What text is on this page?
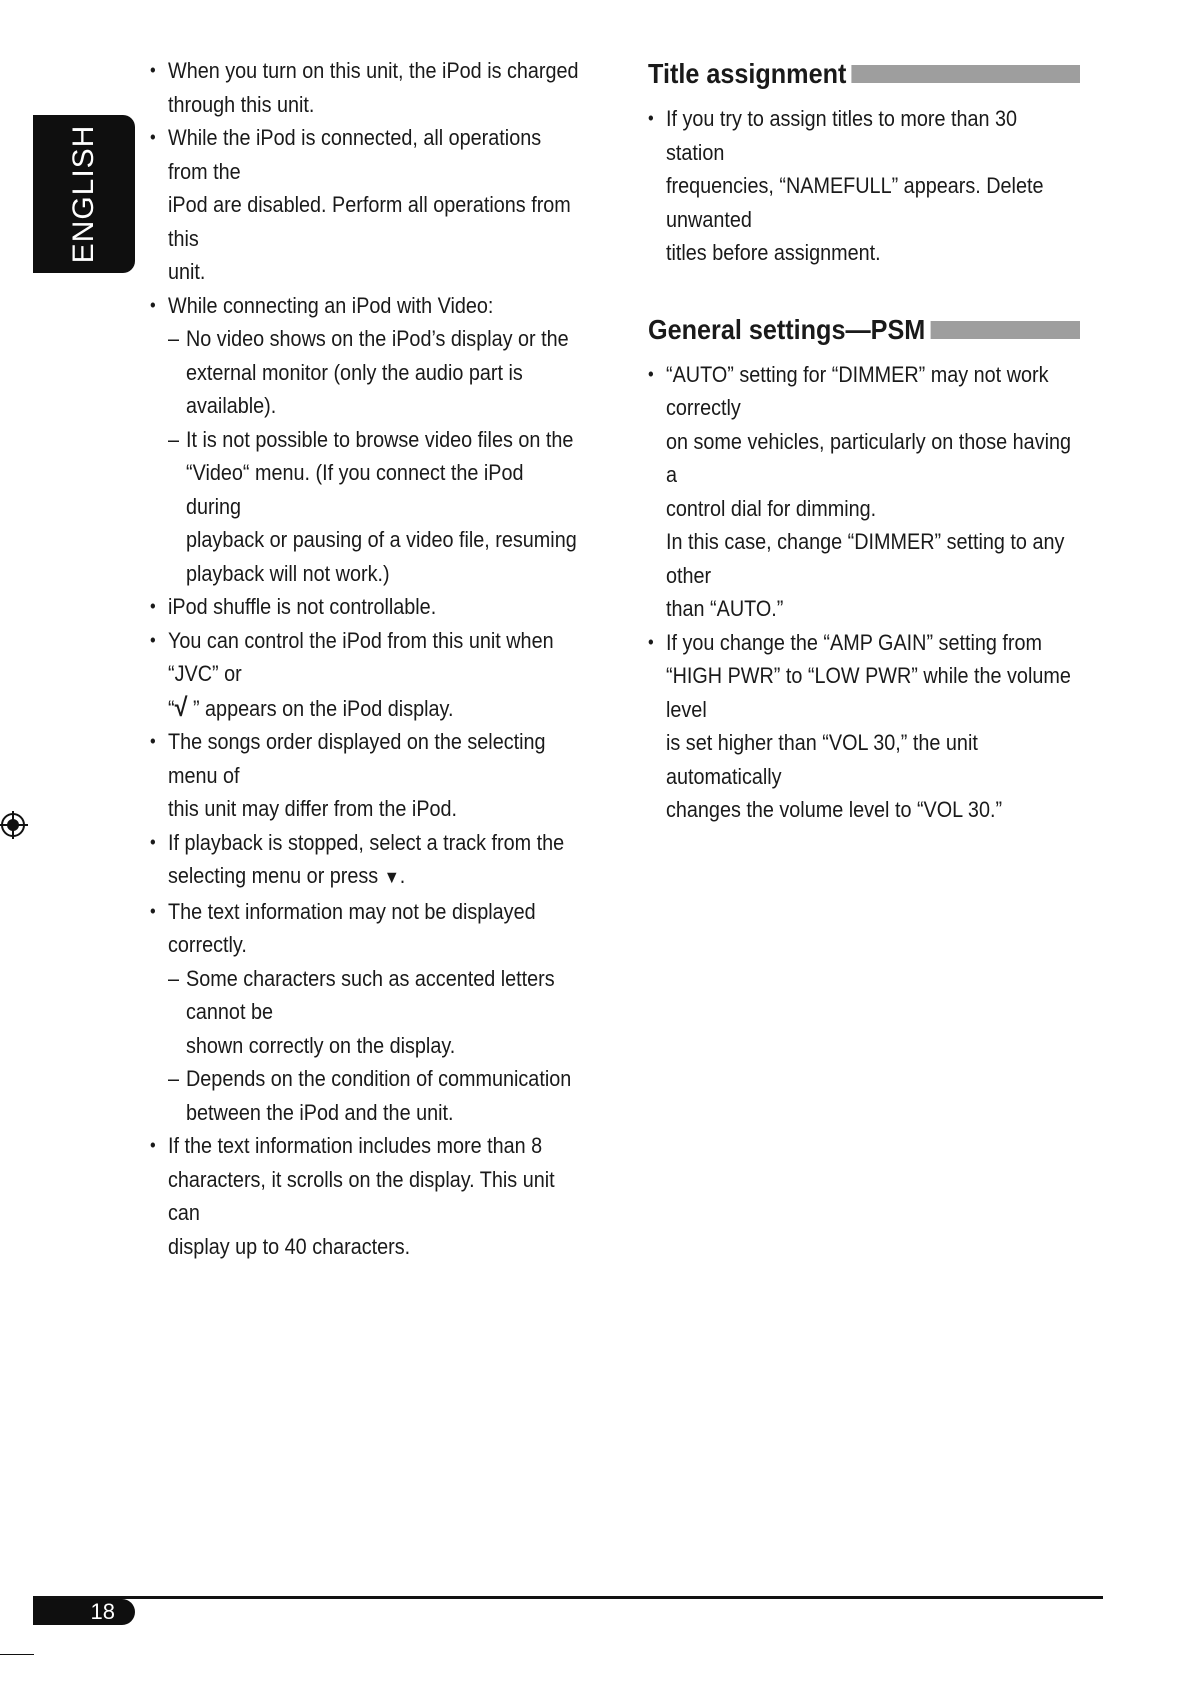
ENGLISH
• When you turn on this unit, the iPod is charged
through this unit.
• While the iPod is connected, all operations from the
iPod are disabled. Perform all operations from this
unit.
• While connecting an iPod with Video:
– No video shows on the iPod’s display or the
external monitor (only the audio part is available).
– It is not possible to browse video files on the
“Video“ menu. (If you connect the iPod during
playback or pausing of a video file, resuming
playback will not work.)
• iPod shuffle is not controllable.
• You can control the iPod from this unit when “JVC” or
“√ ” appears on the iPod display.
• The songs order displayed on the selecting menu of
this unit may differ from the iPod.
• If playback is stopped, select a track from the
selecting menu or press ▼.
• The text information may not be displayed correctly.
– Some characters such as accented letters cannot be
shown correctly on the display.
– Depends on the condition of communication
between the iPod and the unit.
• If the text information includes more than 8
characters, it scrolls on the display. This unit can
display up to 40 characters.
Title assignment
• If you try to assign titles to more than 30 station
frequencies, “NAMEFULL” appears. Delete unwanted
titles before assignment.
General settings—PSM
• “AUTO” setting for “DIMMER” may not work correctly
on some vehicles, particularly on those having a
control dial for dimming.
In this case, change “DIMMER” setting to any other
than “AUTO.”
• If you change the “AMP GAIN” setting from
“HIGH PWR” to “LOW PWR” while the volume level
is set higher than “VOL 30,” the unit automatically
changes the volume level to “VOL 30.”
18
